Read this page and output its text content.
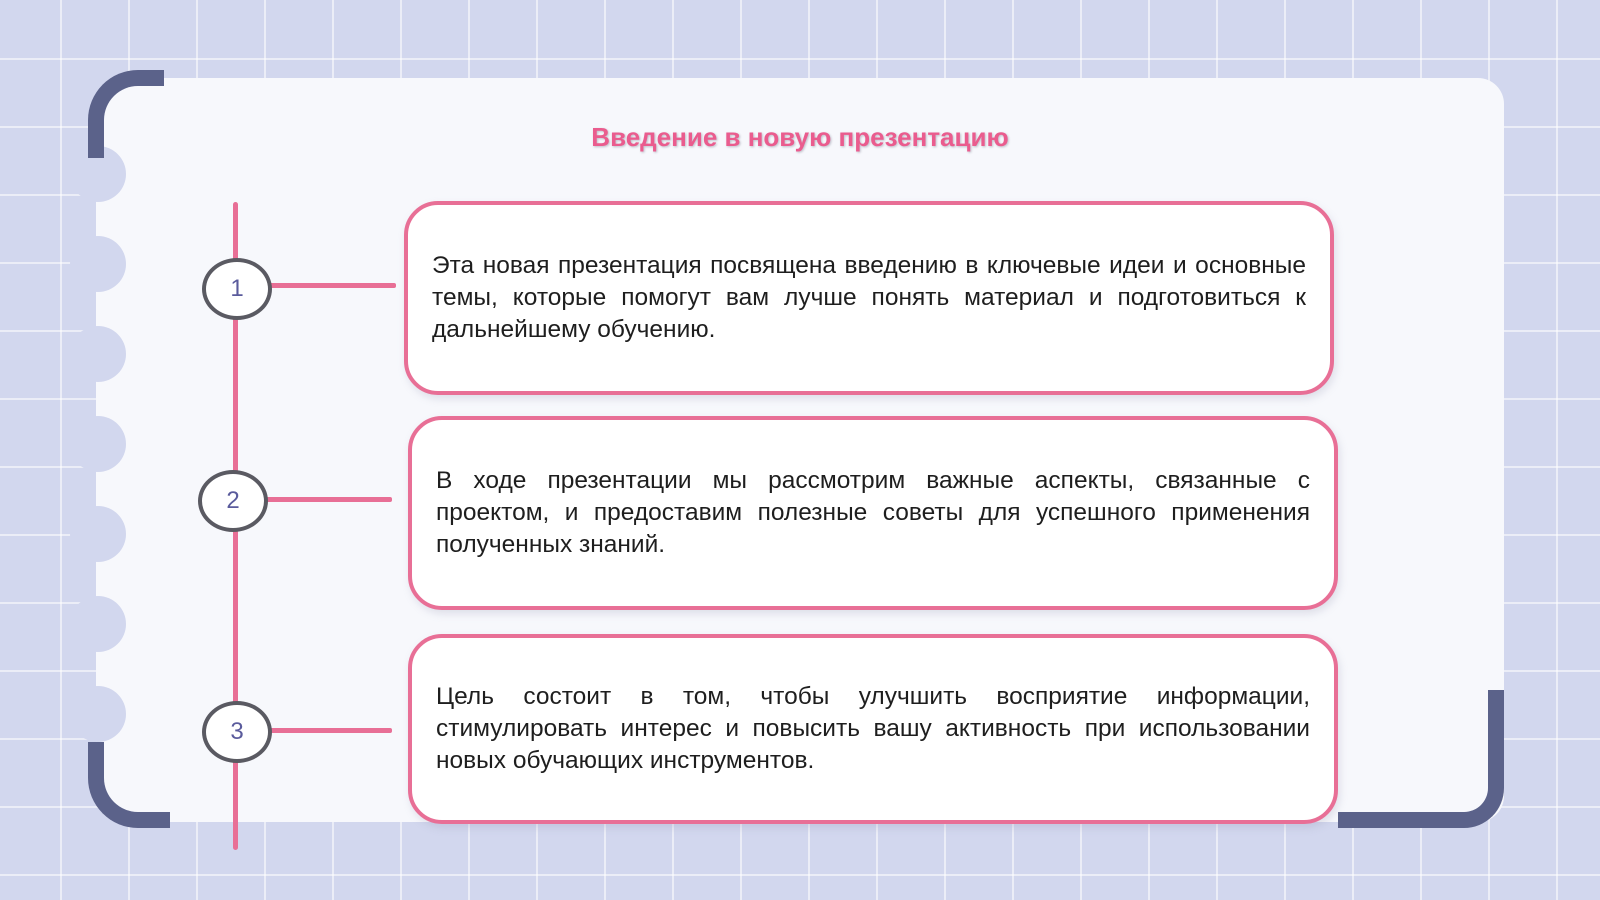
Введение в новую презентацию
1
2
3
Эта новая презентация посвящена введению в ключевые идеи и основные темы, которые помогут вам лучше понять материал и подготовиться к дальнейшему обучению.
В ходе презентации мы рассмотрим важные аспекты, связанные с проектом, и предоставим полезные советы для успешного применения полученных знаний.
Цель состоит в том, чтобы улучшить восприятие информации, стимулировать интерес и повысить вашу активность при использовании новых обучающих инструментов.
